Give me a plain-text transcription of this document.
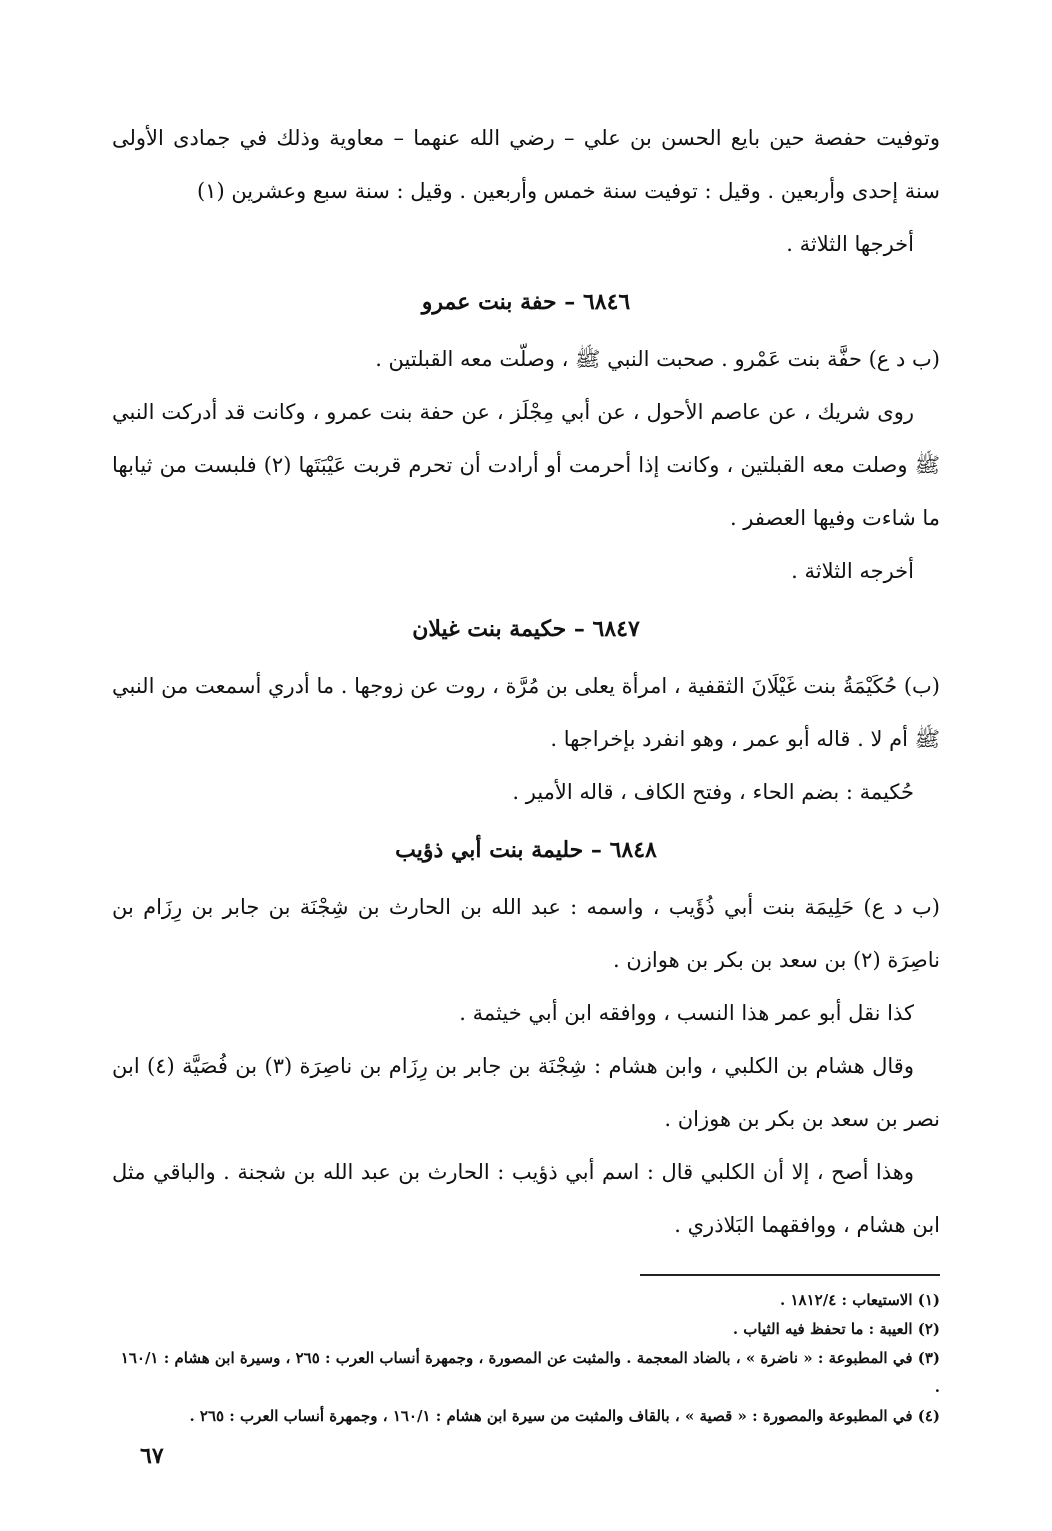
وتوفيت حفصة حين بايع الحسن بن علي – رضي الله عنهما – معاوية وذلك في جمادى الأولى سنة إحدى وأربعين . وقيل : توفيت سنة خمس وأربعين . وقيل : سنة سبع وعشرين (١)

أخرجها الثلاثة .

٦٨٤٦ – حفة بنت عمرو

(ب د ع) حفَّة بنت عَمْرو . صحبت النبي ﷺ ، وصلّت معه القبلتين .

روى شريك ، عن عاصم الأحول ، عن أبي مِجْلَز ، عن حفة بنت عمرو ، وكانت قد أدركت النبي ﷺ وصلت معه القبلتين ، وكانت إذا أحرمت أو أرادت أن تحرم قربت عَيْبَتَها (٢) فلبست من ثيابها ما شاءت وفيها العصفر .

أخرجه الثلاثة .

٦٨٤٧ – حكيمة بنت غيلان

(ب) حُكَيْمَةُ بنت غَيْلَانَ الثقفية ، امرأة يعلى بن مُرَّة ، روت عن زوجها . ما أدري أسمعت من النبي ﷺ أم لا . قاله أبو عمر ، وهو انفرد بإخراجها .

حُكيمة : بضم الحاء ، وفتح الكاف ، قاله الأمير .

٦٨٤٨ – حليمة بنت أبي ذؤيب

(ب د ع) حَلِيمَة بنت أبي ذُؤَيب ، واسمه : عبد الله بن الحارث بن شِجْنَة بن جابر بن رِزَام بن ناصِرَة (٢) بن سعد بن بكر بن هوازن .

كذا نقل أبو عمر هذا النسب ، ووافقه ابن أبي خيثمة .

وقال هشام بن الكلبي ، وابن هشام : شِجْنَة بن جابر بن رِزَام بن ناصِرَة (٣) بن فُصَيَّة (٤) ابن نصر بن سعد بن بكر بن هوزان .

وهذا أصح ، إلا أن الكلبي قال : اسم أبي ذؤيب : الحارث بن عبد الله بن شجنة . والباقي مثل ابن هشام ، ووافقهما البَلاذري .

(١) الاستيعاب : ١٨١٢/٤ .

(٢) العيبة : ما تحفظ فيه الثياب .

(٣) في المطبوعة : « ناضرة » ، بالضاد المعجمة . والمثبت عن المصورة ، وجمهرة أنساب العرب : ٢٦٥ ، وسيرة ابن هشام : ١٦٠/١ .

(٤) في المطبوعة والمصورة : « قصية » ، بالقاف والمثبت من سيرة ابن هشام : ١٦٠/١ ، وجمهرة أنساب العرب : ٢٦٥ .

٦٧
